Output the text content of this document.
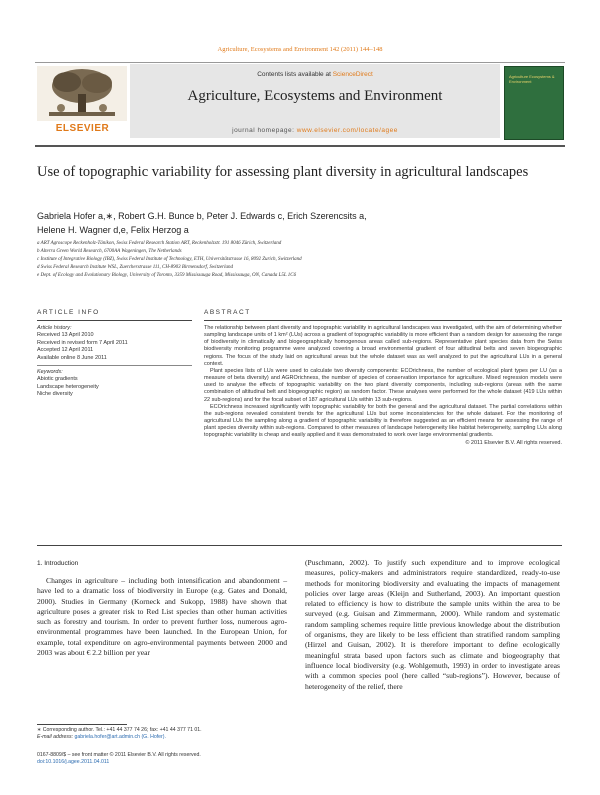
Agriculture, Ecosystems and Environment 142 (2011) 144–148
ELSEVIER
Contents lists available at ScienceDirect
Agriculture, Ecosystems and Environment
journal homepage: www.elsevier.com/locate/agee
Agriculture Ecosystems & Environment
Use of topographic variability for assessing plant diversity in agricultural landscapes
Gabriela Hofer a,∗, Robert G.H. Bunce b, Peter J. Edwards c, Erich Szerencsits a,
Helene H. Wagner d,e, Felix Herzog a
a ART Agroscope Reckenholz-Tänikon, Swiss Federal Research Station ART, Reckenholzstr. 191 8046 Zürich, Switzerland
b Alterra Green World Research, 6700AA Wageningen, The Netherlands
c Institute of Integrative Biology (IBZ), Swiss Federal Institute of Technology, ETH, Universitätstrasse 16, 8092 Zurich, Switzerland
d Swiss Federal Research Institute WSL, Zuercherstrasse 111, CH-8903 Birmensdorf, Switzerland
e Dept. of Ecology and Evolutionary Biology, University of Toronto, 3359 Mississauga Road, Mississauga, ON, Canada L5L 1C6
ARTICLE INFO	ABSTRACT
Article history:
Received 13 April 2010
Received in revised form 7 April 2011
Accepted 12 April 2011
Available online 8 June 2011
Keywords:
Abiotic gradients
Landscape heterogeneity
Niche diversity

The relationship between plant diversity and topographic variability in agricultural landscapes was investigated, with the aim of determining whether sampling landscape units of 1 km² (LUs) across a gradient of topographic variability is more efficient than a random design for assessing the range of biodiversity in climatically and biogeographically homogenous areas called sub-regions. Representative plant species data from the Swiss biodiversity monitoring programme were analyzed covering a broad environmental gradient of four altitudinal belts and seven biogeographic regions. The focus of the study laid on agricultural areas but the whole dataset was as well analyzed to put the agricultural LUs in a general context.

Plant species lists of LUs were used to calculate two diversity components: ECOrichness, the number of ecological plant types per LU (as a measure of beta diversity) and AGROrichness, the number of species of conservation importance for agriculture. Mixed regression models were used to analyse the effects of topographic variability on the two plant diversity components, including sub-regions (areas with the same combination of altitudinal belt and biogeographic region) as random factor. These analyses were performed for the whole dataset (419 LUs within 22 sub-regions) and for the focal subset of 187 agricultural LUs within 13 sub-regions.

ECOrichness increased significantly with topographic variability for both the general and the agricultural dataset. The partial correlations within the sub-regions revealed consistent trends for the agricultural LUs but some inconsistencies for the whole dataset. For the monitoring of agricultural LUs the sampling along a gradient of topographic variability is therefore suggested as an efficient means for assessing the range of plant species diversity within sub-regions. Compared to other measures of landscape heterogeneity like habitat heterogeneity, sampling LUs along topographic variability is cheap and easily applied and it was demonstrated to work over large environmental gradients.

© 2011 Elsevier B.V. All rights reserved.
1. Introduction

Changes in agriculture – including both intensification and abandonment – have led to a dramatic loss of biodiversity in Europe (e.g. Gates and Donald, 2000). Studies in Germany (Korneck and Sukopp, 1988) have shown that agriculture poses a greater risk to Red List species than other human activities such as forestry and tourism. In order to prevent further loss, numerous agro-environmental programmes have been launched. In the European Union, for example, total expenditure on agro-environmental payments between 2000 and 2003 was about € 2.2 billion per year

(Puschmann, 2002). To justify such expenditure and to improve ecological measures, policy-makers and administrators require standardized, ready-to-use methods for monitoring biodiversity and evaluating the impacts of management policies over large areas (Kleijn and Sutherland, 2003). An important question related to efficiency is how to distribute the sample units within the area to be surveyed (e.g. Guisan and Zimmermann, 2000). While random and systematic random sampling schemes require little previous knowledge about the distribution of organisms, they are likely to be less efficient than stratified random sampling (Hirzel and Guisan, 2002). It is therefore important to define ecologically meaningful strata based upon factors such as climate and biogeography that influence local biodiversity (e.g. Wohlgemuth, 1993) in order to investigate areas with a common species pool (here called “sub-regions”). However, because of heterogeneity of the relief, there

∗ Corresponding author. Tel.: +41 44 377 74 26; fax: +41 44 377 71 01.
E-mail address: gabriela.hofer@art.admin.ch (G. Hofer).
0167-8809/$ – see front matter © 2011 Elsevier B.V. All rights reserved.
doi:10.1016/j.agee.2011.04.011
